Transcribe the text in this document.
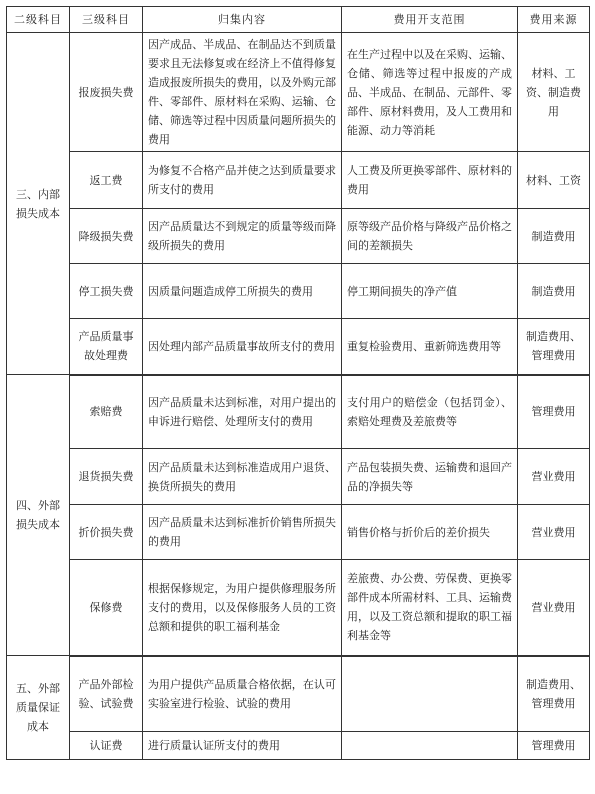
二级科目	三级科目	归集内容	费用开支范围	费用来源
三、内部损失成本	报废损失费	因产成品、半成品、在制品达不到质量要求且无法修复或在经济上不值得修复造成报废所损失的费用，以及外购元部件、零部件、原材料在采购、运输、仓储、筛选等过程中因质量问题所损失的费用	在生产过程中以及在采购、运输、仓储、筛选等过程中报废的产成品、半成品、在制品、元部件、零部件、原材料费用，及人工费用和能源、动力等消耗	材料、工资、制造费用
	返工费	为修复不合格产品并使之达到质量要求所支付的费用	人工费及所更换零部件、原材料的费用	材料、工资
	降级损失费	因产品质量达不到规定的质量等级而降级所损失的费用	原等级产品价格与降级产品价格之间的差额损失	制造费用
	停工损失费	因质量问题造成停工所损失的费用	停工期间损失的净产值	制造费用
	产品质量事故处理费	因处理内部产品质量事故所支付的费用	重复检验费用、重新筛选费用等	制造费用、管理费用
四、外部损失成本	索赔费	因产品质量未达到标准，对用户提出的申诉进行赔偿、处理所支付的费用	支付用户的赔偿金（包括罚金）、索赔处理费及差旅费等	管理费用
	退货损失费	因产品质量未达到标准造成用户退货、换货所损失的费用	产品包装损失费、运输费和退回产品的净损失等	营业费用
	折价损失费	因产品质量未达到标准折价销售所损失的费用	销售价格与折价后的差价损失	营业费用
	保修费	根据保修规定，为用户提供修理服务所支付的费用，以及保修服务人员的工资总额和提供的职工福利基金	差旅费、办公费、劳保费、更换零部件成本所需材料、工具、运输费用，以及工资总额和提取的职工福利基金等	营业费用
五、外部质量保证成本	产品外部检验、试验费	为用户提供产品质量合格依据，在认可实验室进行检验、试验的费用		制造费用、管理费用
	认证费	进行质量认证所支付的费用		管理费用
